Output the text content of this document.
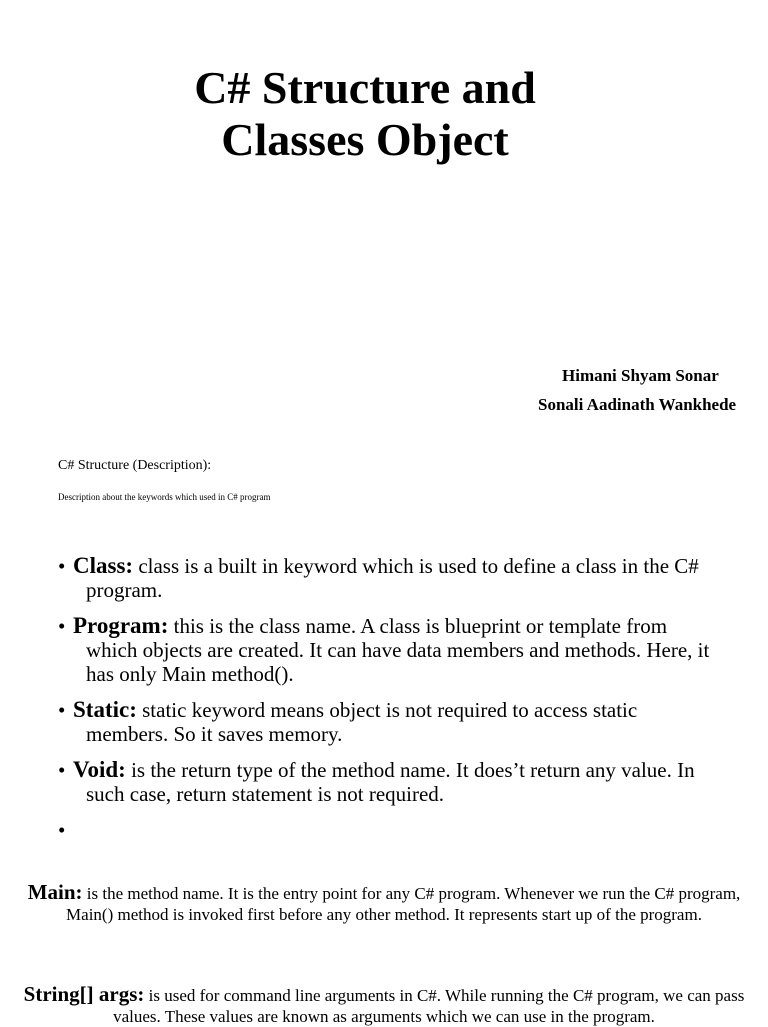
C# Structure and
Classes Object
Himani Shyam Sonar
Sonali Aadinath Wankhede
C# Structure (Description):
Description about the keywords which used in C# program
• Class: class is a built in keyword which is used to define a class in the C# program.
• Program: this is the class name. A class is blueprint or template from which objects are created. It can have data members and methods. Here, it has only Main method().
• Static: static keyword means object is not required to access static members. So it saves memory.
• Void: is the return type of the method name. It does’t return any value. In such case, return statement is not required.
•

Main: is the method name. It is the entry point for any C# program. Whenever we run the C# program, Main() method is invoked first before any other method. It represents start up of the program.

String[] args: is used for command line arguments in C#. While running the C# program, we can pass values. These values are known as arguments which we can use in the program.
